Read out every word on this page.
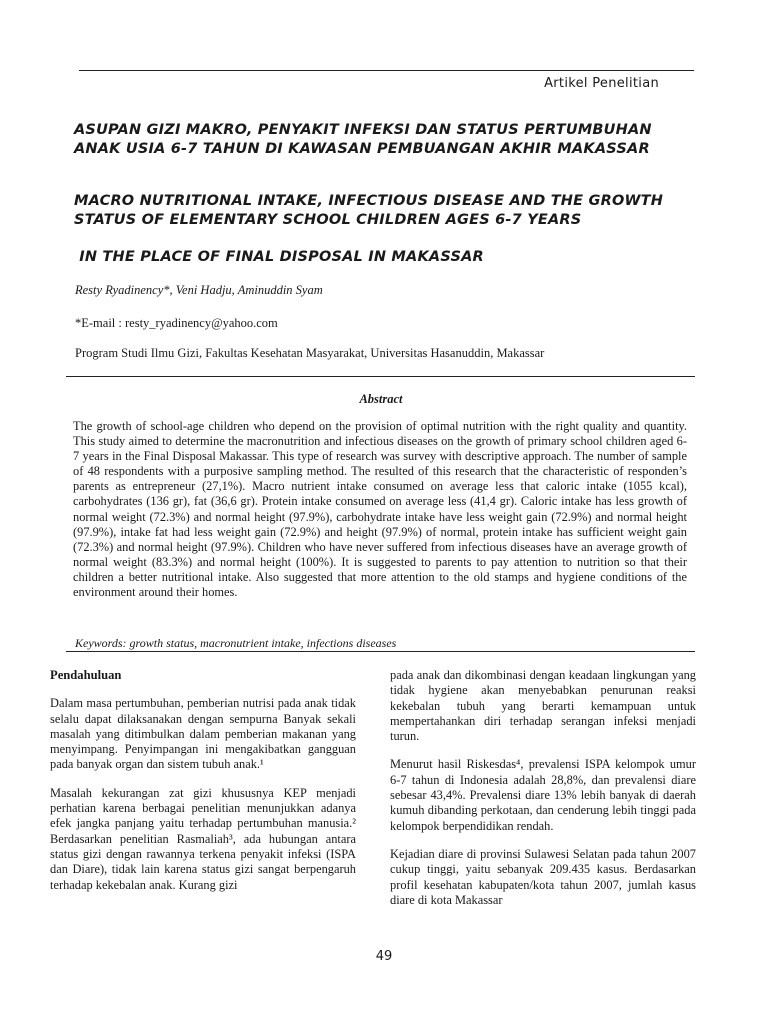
Artikel Penelitian
ASUPAN GIZI MAKRO, PENYAKIT INFEKSI DAN STATUS PERTUMBUHAN ANAK USIA 6-7 TAHUN DI KAWASAN PEMBUANGAN AKHIR MAKASSAR
MACRO NUTRITIONAL INTAKE, INFECTIOUS DISEASE AND THE GROWTH STATUS OF ELEMENTARY SCHOOL CHILDREN AGES 6-7 YEARS
IN THE PLACE OF FINAL DISPOSAL IN MAKASSAR
Resty Ryadinency*, Veni Hadju, Aminuddin Syam
*E-mail : resty_ryadinency@yahoo.com
Program Studi Ilmu Gizi, Fakultas Kesehatan Masyarakat, Universitas Hasanuddin, Makassar
Abstract

The growth of school-age children who depend on the provision of optimal nutrition with the right quality and quantity. This study aimed to determine the macronutrition and infectious diseases on the growth of primary school children aged 6-7 years in the Final Disposal Makassar. This type of research was survey with descriptive approach. The number of sample of 48 respondents with a purposive sampling method. The resulted of this research that the characteristic of responden’s parents as entrepreneur (27,1%). Macro nutrient intake consumed on average less that caloric intake (1055 kcal), carbohydrates (136 gr), fat (36,6 gr). Protein intake consumed on average less (41,4 gr). Caloric intake has less growth of normal weight (72.3%) and normal height (97.9%), carbohydrate intake have less weight gain (72.9%) and normal height (97.9%), intake fat had less weight gain (72.9%) and height (97.9%) of normal, protein intake has sufficient weight gain (72.3%) and normal height (97.9%). Children who have never suffered from infectious diseases have an average growth of normal weight (83.3%) and normal height (100%). It is suggested to parents to pay attention to nutrition so that their children a better nutritional intake. Also suggested that more attention to the old stamps and hygiene conditions of the environment around their homes.

Keywords: growth status, macronutrient intake, infections diseases
Pendahuluan

Dalam masa pertumbuhan, pemberian nutrisi pada anak tidak selalu dapat dilaksanakan dengan sempurna Banyak sekali masalah yang ditimbulkan dalam pemberian makanan yang menyimpang. Penyimpangan ini mengakibatkan gangguan pada banyak organ dan sistem tubuh anak.¹

Masalah kekurangan zat gizi khususnya KEP menjadi perhatian karena berbagai penelitian menunjukkan adanya efek jangka panjang yaitu terhadap pertumbuhan manusia.² Berdasarkan penelitian Rasmaliah³, ada hubungan antara status gizi dengan rawannya terkena penyakit infeksi (ISPA dan Diare), tidak lain karena status gizi sangat berpengaruh terhadap kekebalan anak. Kurang gizi

pada anak dan dikombinasi dengan keadaan lingkungan yang tidak hygiene akan menyebabkan penurunan reaksi kekebalan tubuh yang berarti kemampuan untuk mempertahankan diri terhadap serangan infeksi menjadi turun.

Menurut hasil Riskesdas⁴, prevalensi ISPA kelompok umur 6-7 tahun di Indonesia adalah 28,8%, dan prevalensi diare sebesar 43,4%. Prevalensi diare 13% lebih banyak di daerah kumuh dibanding perkotaan, dan cenderung lebih tinggi pada kelompok berpendidikan rendah.

Kejadian diare di provinsi Sulawesi Selatan pada tahun 2007 cukup tinggi, yaitu sebanyak 209.435 kasus. Berdasarkan profil kesehatan kabupaten/kota tahun 2007, jumlah kasus diare di kota Makassar

49
